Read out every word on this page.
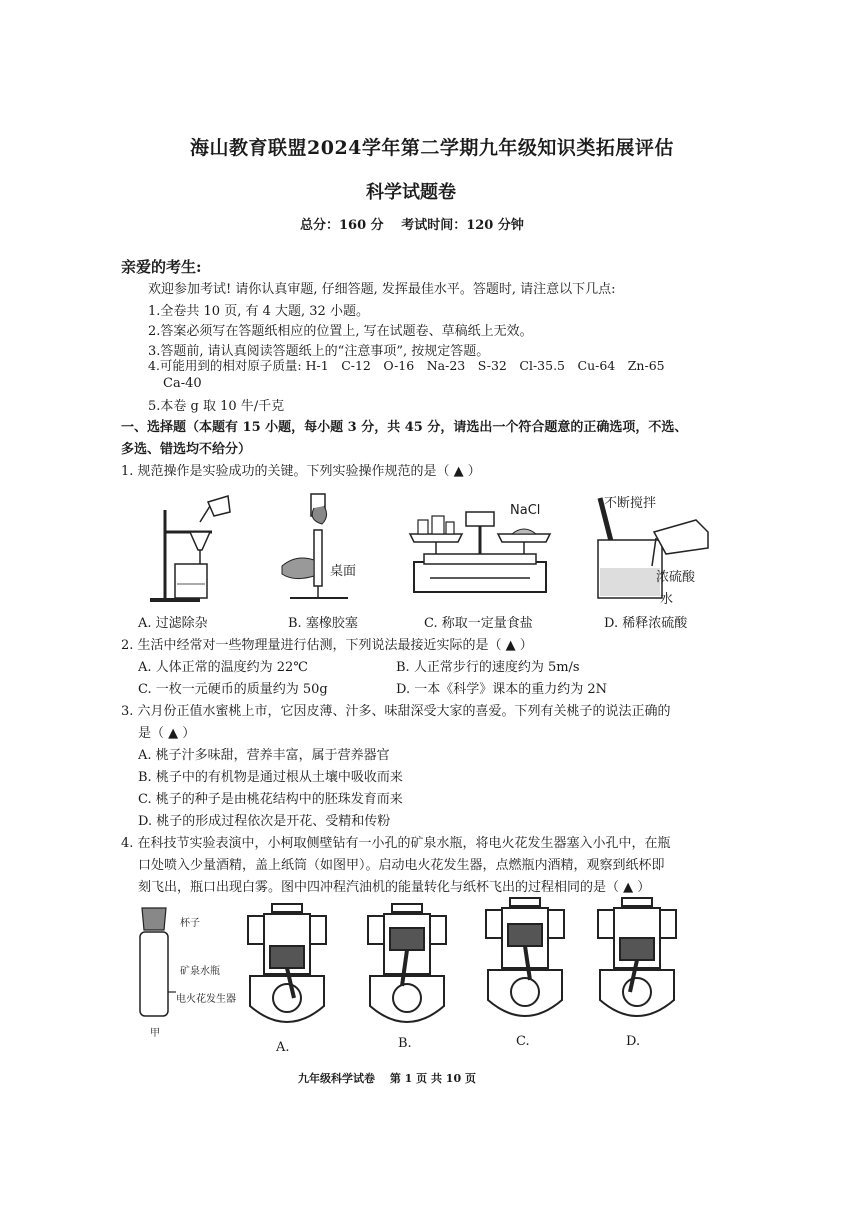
海山教育联盟2024学年第二学期九年级知识类拓展评估
科学试题卷
总分：160 分　 考试时间：120 分钟
亲爱的考生:
欢迎参加考试! 请你认真审题, 仔细答题, 发挥最佳水平。答题时, 请注意以下几点:
1.全卷共 10 页, 有 4 大题, 32 小题。
2.答案必须写在答题纸相应的位置上, 写在试题卷、草稿纸上无效。
3.答题前, 请认真阅读答题纸上的“注意事项”, 按规定答题。
4.可能用到的相对原子质量: H-1　C-12　O-16　Na-23　S-32　Cl-35.5　Cu-64　Zn-65
Ca-40
5.本卷 g 取 10 牛/千克
一、选择题（本题有 15 小题，每小题 3 分，共 45 分，请选出一个符合题意的正确选项，不选、
多选、错选均不给分）
1. 规范操作是实验成功的关键。下列实验操作规范的是（ ▲ ）
A. 过滤除杂
桌面
B. 塞橡胶塞
NaCl
C. 称取一定量食盐
不断搅拌
浓硫酸
水
D. 稀释浓硫酸
2. 生活中经常对一些物理量进行估测，下列说法最接近实际的是（ ▲ ）
A. 人体正常的温度约为 22℃	B. 人正常步行的速度约为 5m/s
C. 一枚一元硬币的质量约为 50g	D. 一本《科学》课本的重力约为 2N
3. 六月份正值水蜜桃上市，它因皮薄、汁多、味甜深受大家的喜爱。下列有关桃子的说法正确的
是（ ▲ ）
A. 桃子汁多味甜，营养丰富，属于营养器官
B. 桃子中的有机物是通过根从土壤中吸收而来
C. 桃子的种子是由桃花结构中的胚珠发育而来
D. 桃子的形成过程依次是开花、受精和传粉
4. 在科技节实验表演中，小柯取侧壁钻有一小孔的矿泉水瓶，将电火花发生器塞入小孔中，在瓶
口处喷入少量酒精，盖上纸筒（如图甲）。启动电火花发生器，点燃瓶内酒精，观察到纸杯即
刻飞出，瓶口出现白雾。图中四冲程汽油机的能量转化与纸杯飞出的过程相同的是（ ▲ ）
杯子
矿泉水瓶
电火花发生器
甲
A.	B.	C.	D.
九年级科学试卷　 第 1 页 共 10 页
